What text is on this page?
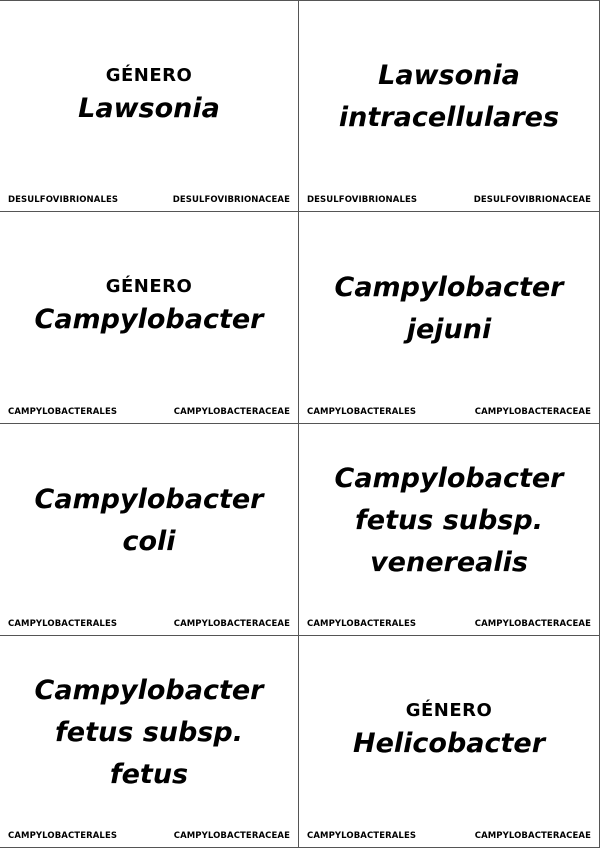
GÉNERO
Lawsonia
DESULFOVIBRIONALES	DESULFOVIBRIONACEAE
Lawsonia
intracellulares
DESULFOVIBRIONALES	DESULFOVIBRIONACEAE
GÉNERO
Campylobacter
CAMPYLOBACTERALES	CAMPYLOBACTERACEAE
Campylobacter
jejuni
CAMPYLOBACTERALES	CAMPYLOBACTERACEAE
Campylobacter
coli
CAMPYLOBACTERALES	CAMPYLOBACTERACEAE
Campylobacter
fetus subsp.
venerealis
CAMPYLOBACTERALES	CAMPYLOBACTERACEAE
Campylobacter
fetus subsp.
fetus
CAMPYLOBACTERALES	CAMPYLOBACTERACEAE
GÉNERO
Helicobacter
CAMPYLOBACTERALES	CAMPYLOBACTERACEAE
